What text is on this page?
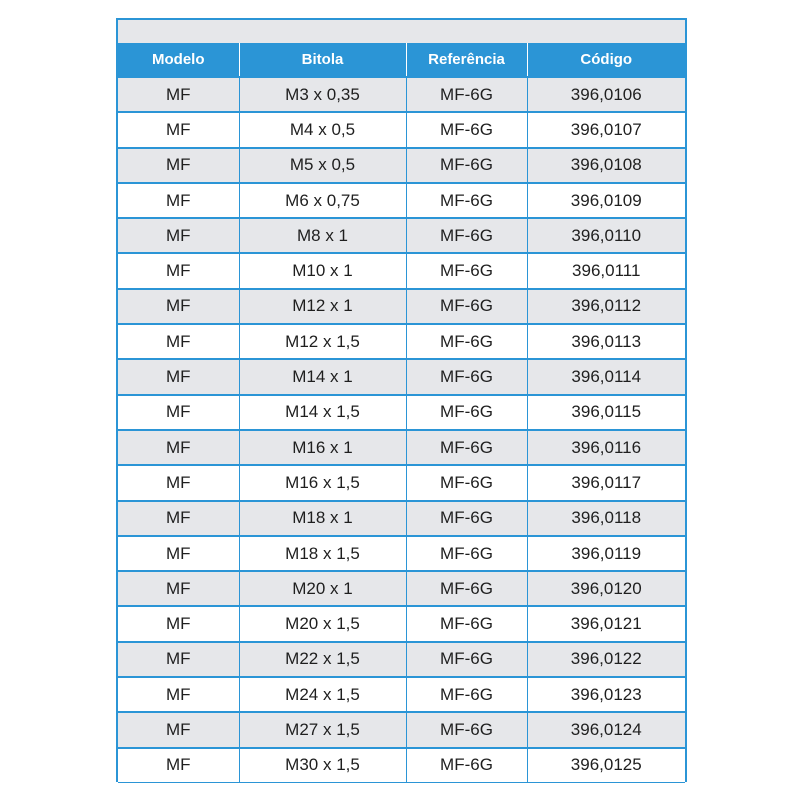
Modelo	Bitola	Referência	Código
MF	M3 x 0,35	MF-6G	396,0106
MF	M4 x 0,5	MF-6G	396,0107
MF	M5 x 0,5	MF-6G	396,0108
MF	M6 x 0,75	MF-6G	396,0109
MF	M8 x 1	MF-6G	396,0110
MF	M10 x 1	MF-6G	396,0111
MF	M12 x 1	MF-6G	396,0112
MF	M12 x 1,5	MF-6G	396,0113
MF	M14 x 1	MF-6G	396,0114
MF	M14 x 1,5	MF-6G	396,0115
MF	M16 x 1	MF-6G	396,0116
MF	M16 x 1,5	MF-6G	396,0117
MF	M18 x 1	MF-6G	396,0118
MF	M18 x 1,5	MF-6G	396,0119
MF	M20 x 1	MF-6G	396,0120
MF	M20 x 1,5	MF-6G	396,0121
MF	M22 x 1,5	MF-6G	396,0122
MF	M24 x 1,5	MF-6G	396,0123
MF	M27 x 1,5	MF-6G	396,0124
MF	M30 x 1,5	MF-6G	396,0125
